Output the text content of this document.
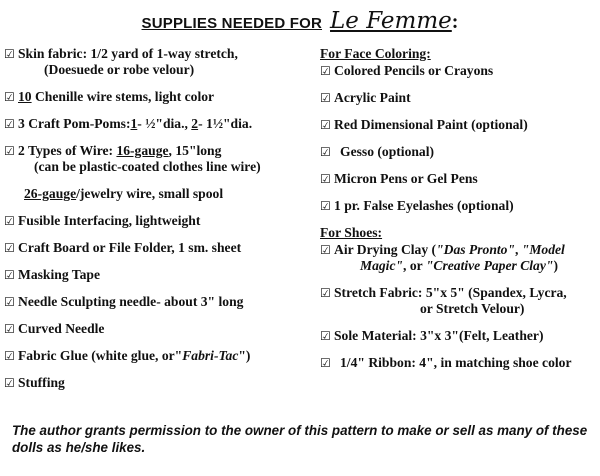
SUPPLIES NEEDED FOR Le Femme:
☑ Skin fabric: 1/2 yard of 1-way stretch,
(Doesuede or robe velour)
☑ 10 Chenille wire stems, light color
☑ 3 Craft Pom-Poms:1- ½"dia., 2- 1½"dia.
☑ 2 Types of Wire: 16-gauge, 15"long
(can be plastic-coated clothes line wire)
26-gauge/jewelry wire, small spool
☑ Fusible Interfacing, lightweight
☑ Craft Board or File Folder, 1 sm. sheet
☑ Masking Tape
☑ Needle Sculpting needle- about 3" long
☑ Curved Needle
☑ Fabric Glue (white glue, or"Fabri-Tac")
☑ Stuffing
For Face Coloring:
☑ Colored Pencils or Crayons
☑ Acrylic Paint
☑ Red Dimensional Paint (optional)
☑ Gesso (optional)
☑ Micron Pens or Gel Pens
☑ 1 pr. False Eyelashes (optional)
For Shoes:
☑ Air Drying Clay ("Das Pronto", "Model
Magic", or "Creative Paper Clay")
☑ Stretch Fabric: 5"x 5" (Spandex, Lycra,
or Stretch Velour)
☑ Sole Material: 3"x 3"(Felt, Leather)
☑ 1/4" Ribbon: 4", in matching shoe color
The author grants permission to the owner of this pattern to make or sell as many of these dolls as he/she likes.
